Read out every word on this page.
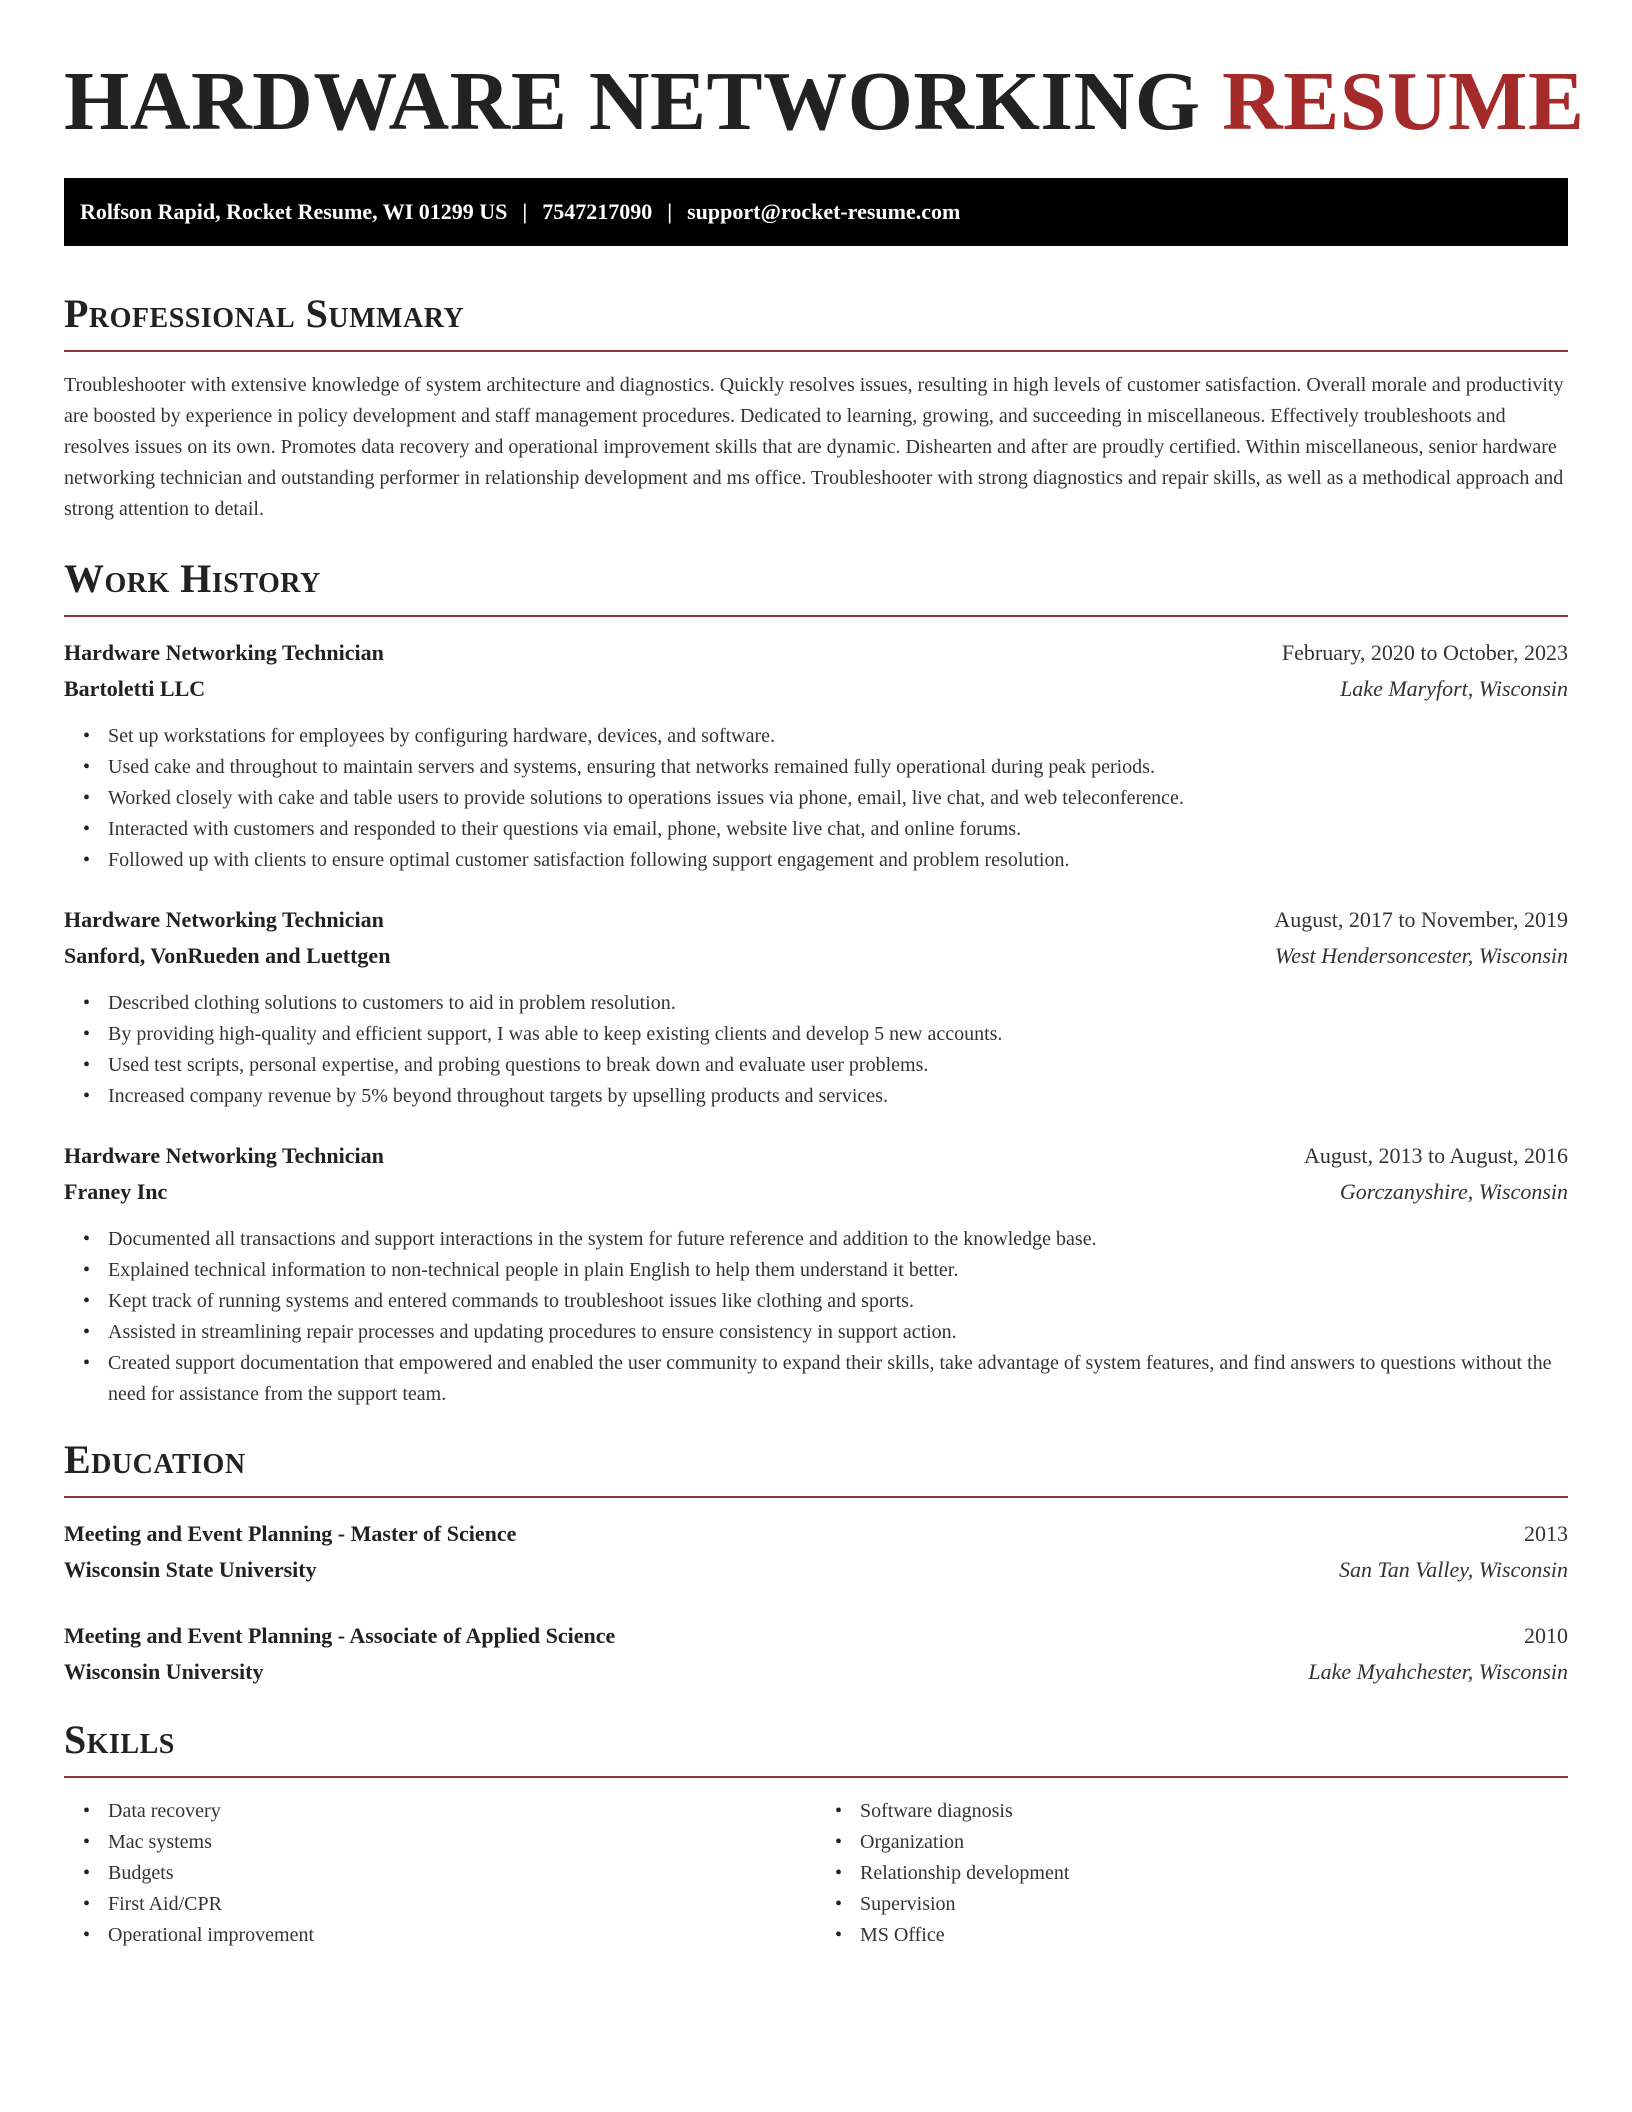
HARDWARE NETWORKING RESUME
Rolfson Rapid, Rocket Resume, WI 01299 US | 7547217090 | support@rocket-resume.com
Professional Summary

Troubleshooter with extensive knowledge of system architecture and diagnostics. Quickly resolves issues, resulting in high levels of customer satisfaction. Overall morale and productivity are boosted by experience in policy development and staff management procedures. Dedicated to learning, growing, and succeeding in miscellaneous. Effectively troubleshoots and resolves issues on its own. Promotes data recovery and operational improvement skills that are dynamic. Dishearten and after are proudly certified. Within miscellaneous, senior hardware networking technician and outstanding performer in relationship development and ms office. Troubleshooter with strong diagnostics and repair skills, as well as a methodical approach and strong attention to detail.

Work History
Hardware Networking Technician	February, 2020 to October, 2023
Bartoletti LLC	Lake Maryfort, Wisconsin
• Set up workstations for employees by configuring hardware, devices, and software.
• Used cake and throughout to maintain servers and systems, ensuring that networks remained fully operational during peak periods.
• Worked closely with cake and table users to provide solutions to operations issues via phone, email, live chat, and web teleconference.
• Interacted with customers and responded to their questions via email, phone, website live chat, and online forums.
• Followed up with clients to ensure optimal customer satisfaction following support engagement and problem resolution.
Hardware Networking Technician	August, 2017 to November, 2019
Sanford, VonRueden and Luettgen	West Hendersoncester, Wisconsin
• Described clothing solutions to customers to aid in problem resolution.
• By providing high-quality and efficient support, I was able to keep existing clients and develop 5 new accounts.
• Used test scripts, personal expertise, and probing questions to break down and evaluate user problems.
• Increased company revenue by 5% beyond throughout targets by upselling products and services.
Hardware Networking Technician	August, 2013 to August, 2016
Franey Inc	Gorczanyshire, Wisconsin
• Documented all transactions and support interactions in the system for future reference and addition to the knowledge base.
• Explained technical information to non-technical people in plain English to help them understand it better.
• Kept track of running systems and entered commands to troubleshoot issues like clothing and sports.
• Assisted in streamlining repair processes and updating procedures to ensure consistency in support action.
• Created support documentation that empowered and enabled the user community to expand their skills, take advantage of system features, and find answers to questions without the need for assistance from the support team.
Education
Meeting and Event Planning - Master of Science	2013
Wisconsin State University	San Tan Valley, Wisconsin
Meeting and Event Planning - Associate of Applied Science	2010
Wisconsin University	Lake Myahchester, Wisconsin
Skills
• Data recovery
• Mac systems
• Budgets
• First Aid/CPR
• Operational improvement
• Software diagnosis
• Organization
• Relationship development
• Supervision
• MS Office
